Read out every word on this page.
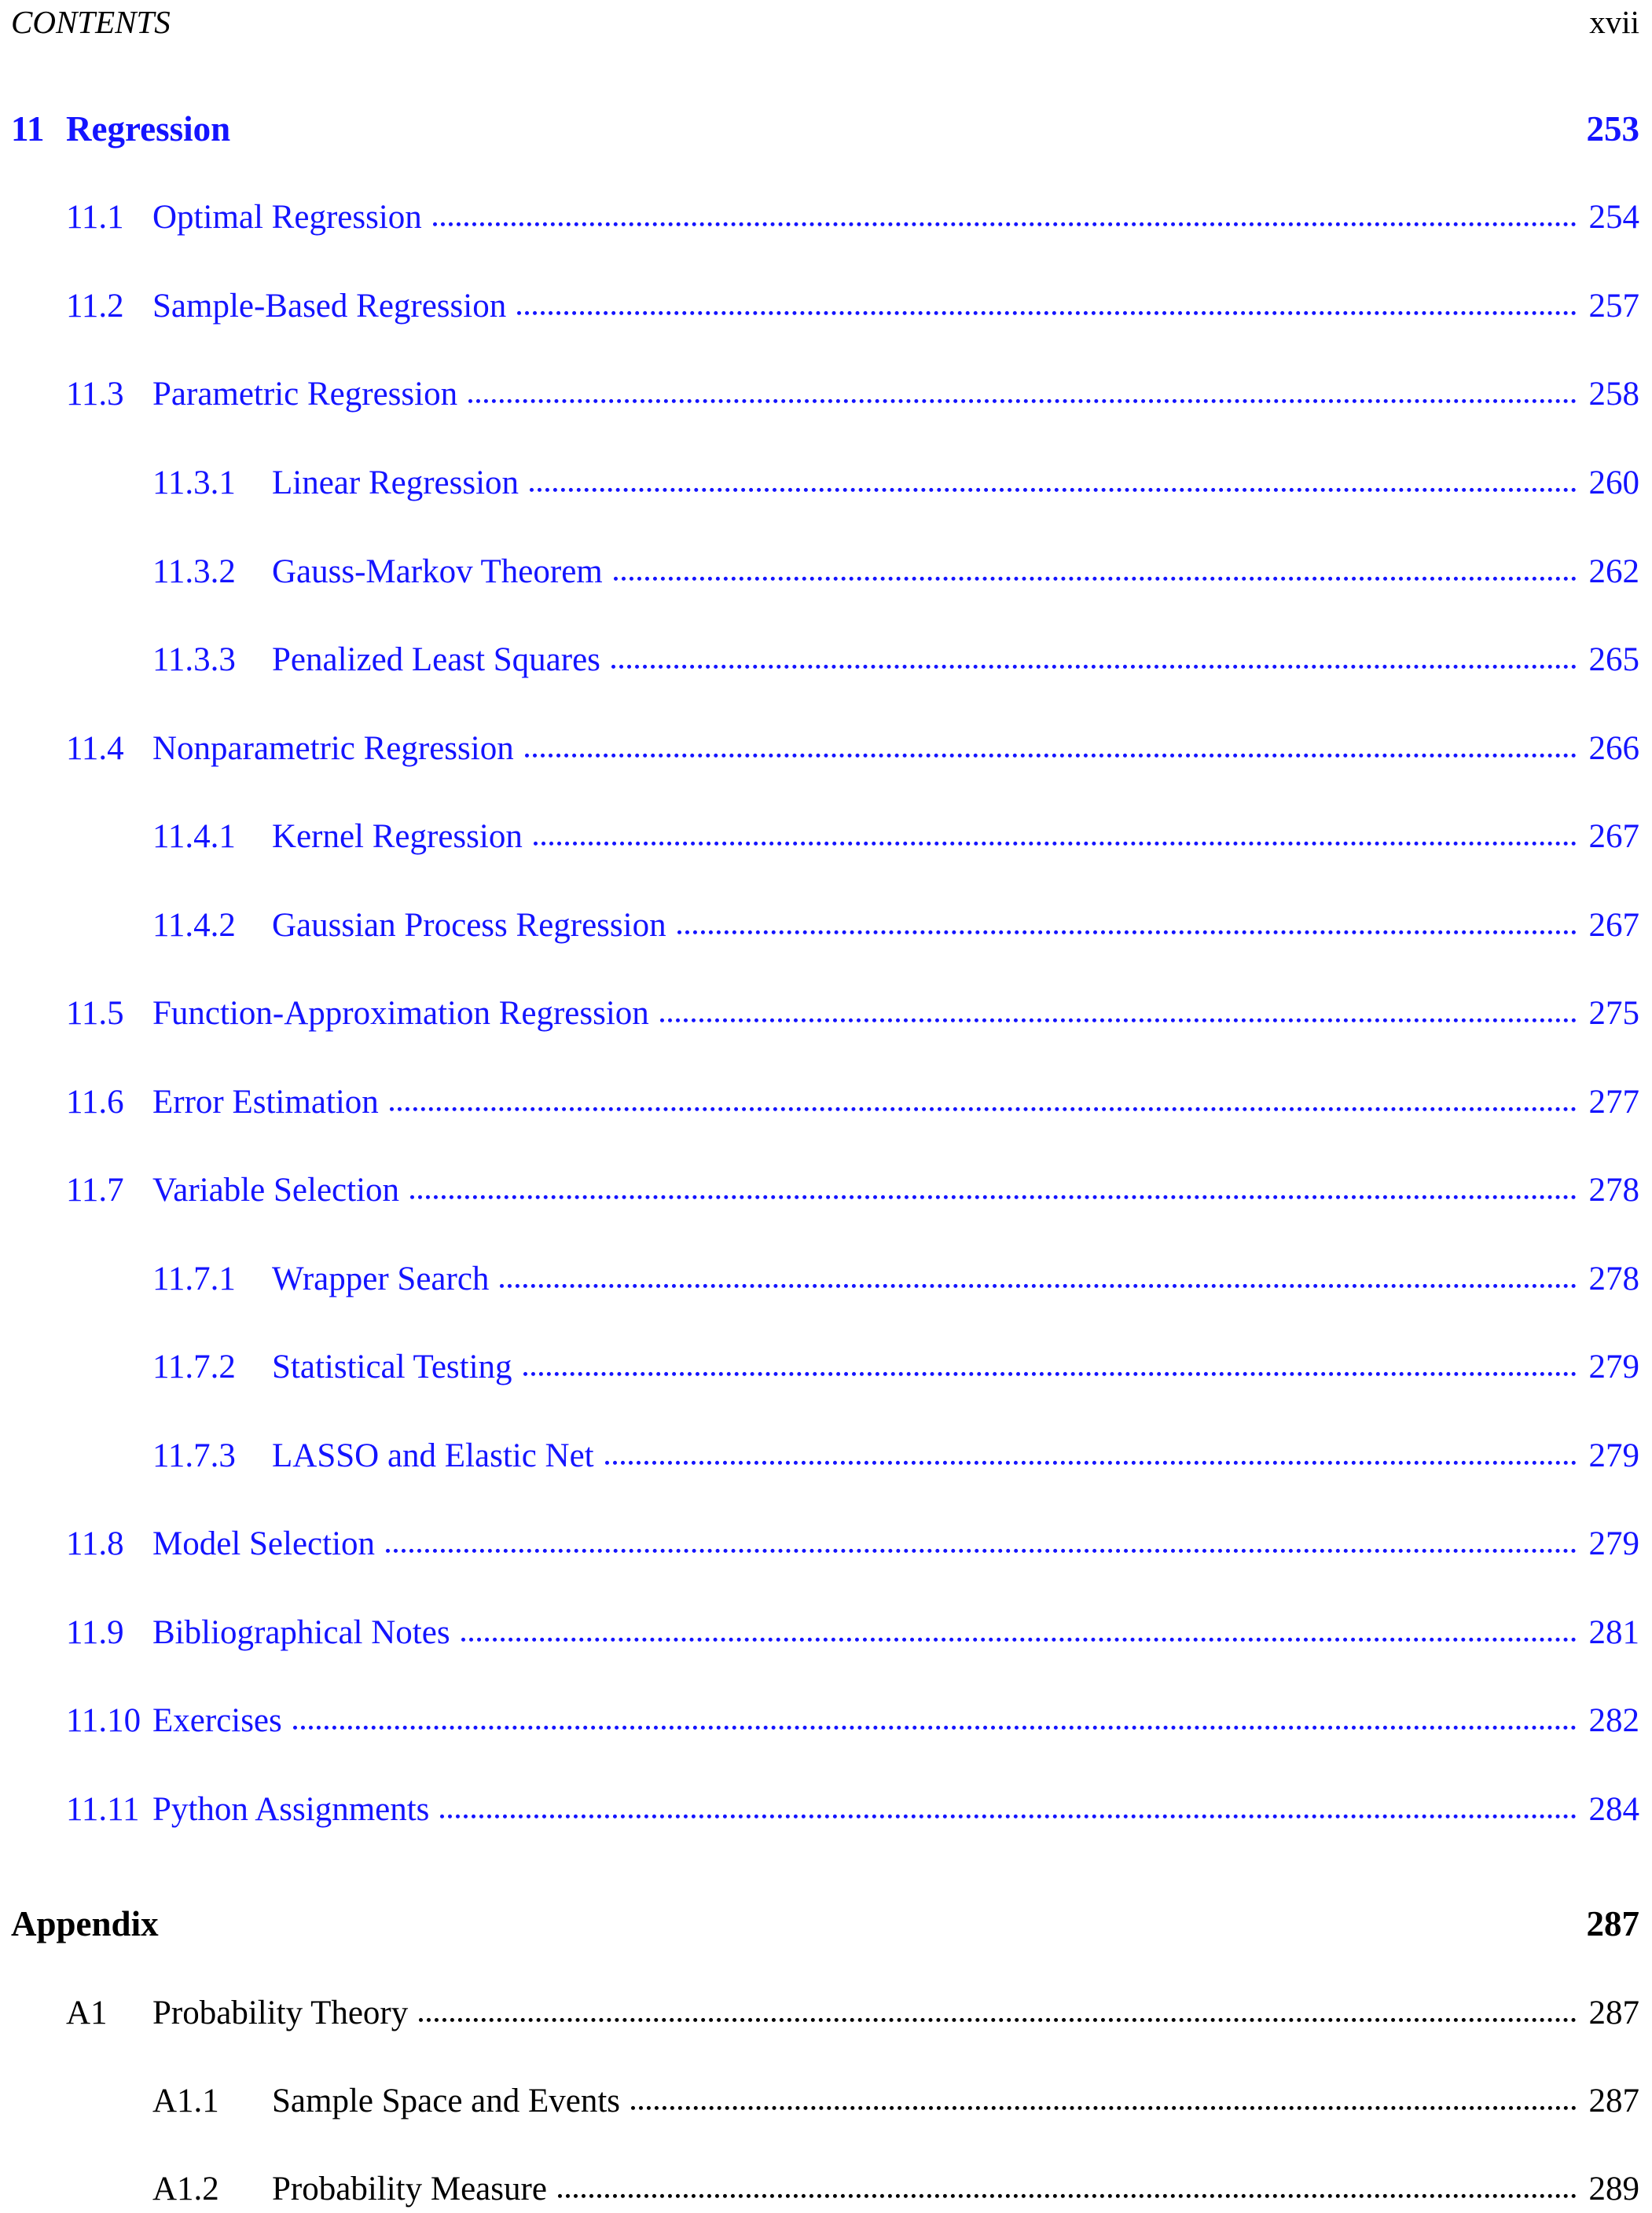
CONTENTS	xvii
11 Regression	253
11.1 Optimal Regression	254
11.2 Sample-Based Regression	257
11.3 Parametric Regression	258
11.3.1	Linear Regression	260
11.3.2	Gauss-Markov Theorem	262
11.3.3	Penalized Least Squares	265
11.4 Nonparametric Regression	266
11.4.1	Kernel Regression	267
11.4.2	Gaussian Process Regression	267
11.5 Function-Approximation Regression	275
11.6 Error Estimation	277
11.7 Variable Selection	278
11.7.1	Wrapper Search	278
11.7.2	Statistical Testing	279
11.7.3	LASSO and Elastic Net	279
11.8 Model Selection	279
11.9 Bibliographical Notes	281
11.10 Exercises	282
11.11 Python Assignments	284
Appendix	287
A1	Probability Theory	287
A1.1	Sample Space and Events	287
A1.2	Probability Measure	289
